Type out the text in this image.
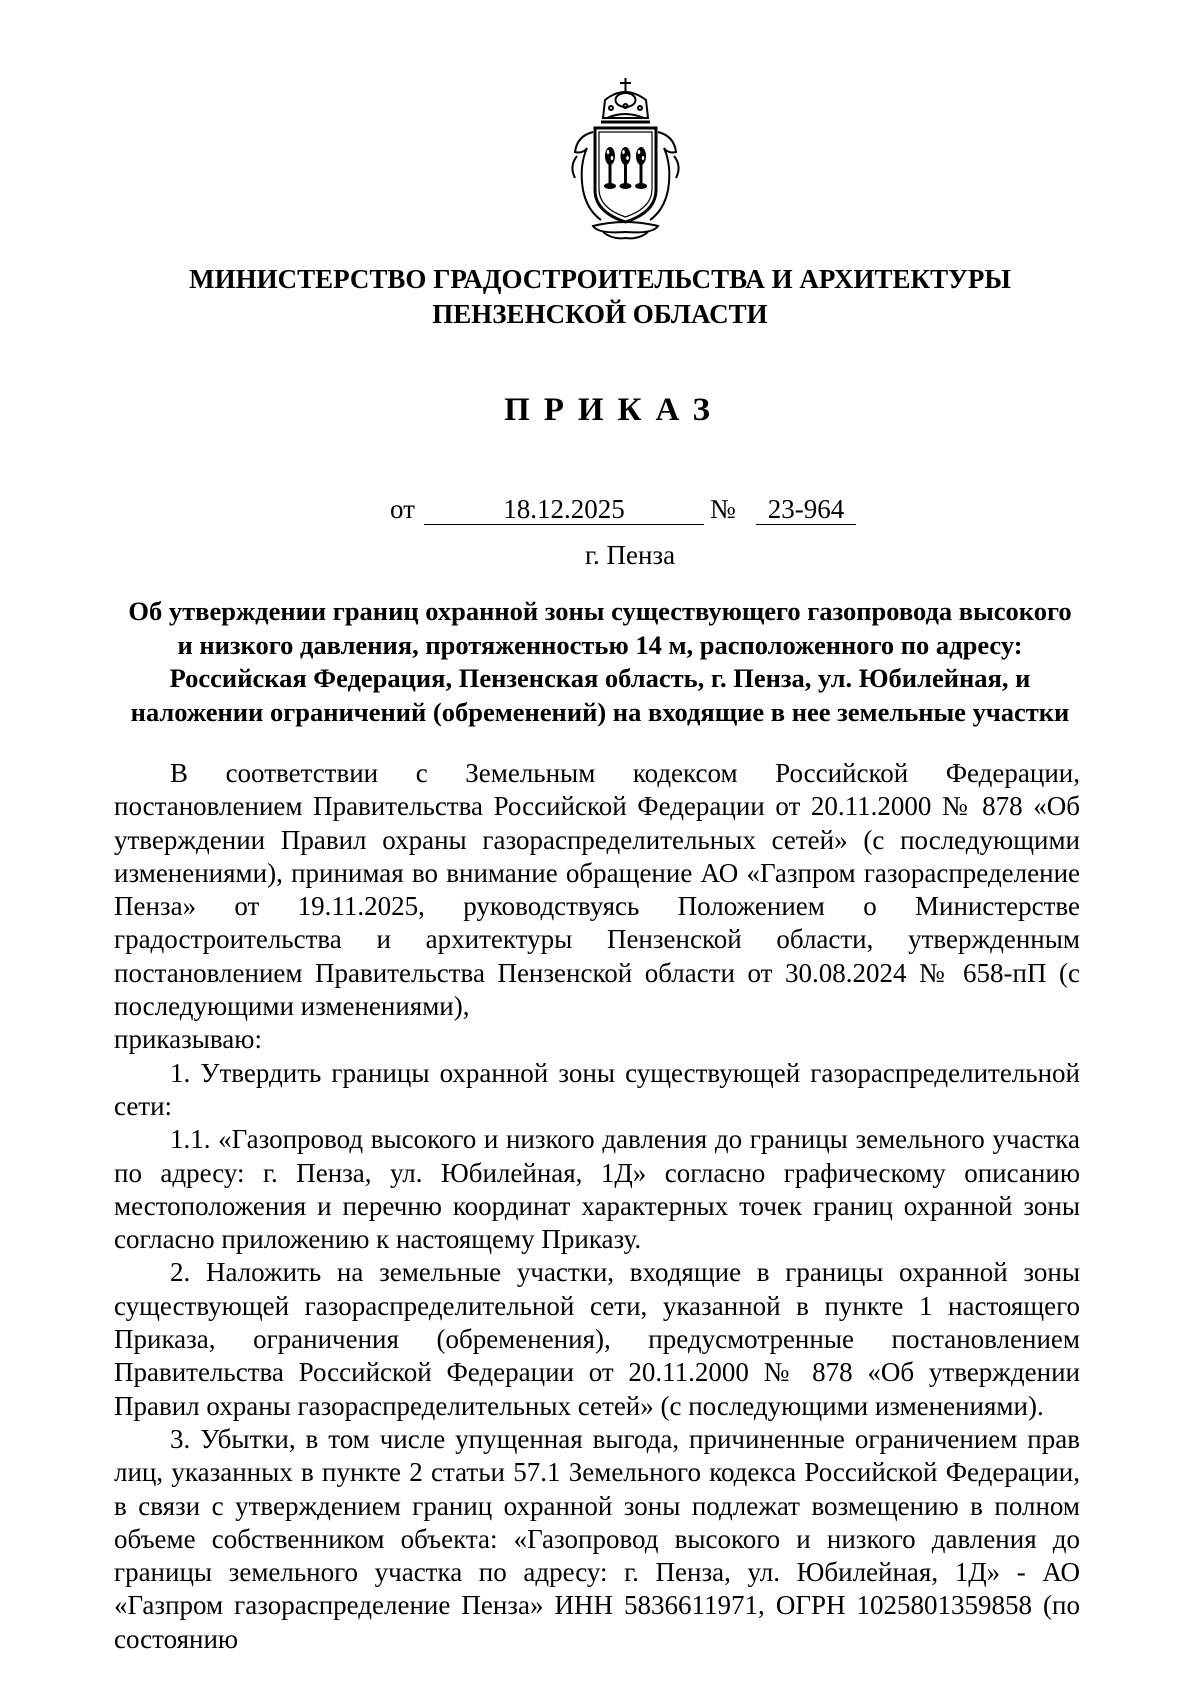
МИНИСТЕРСТВО ГРАДОСТРОИТЕЛЬСТВА И АРХИТЕКТУРЫ
ПЕНЗЕНСКОЙ ОБЛАСТИ
ПРИКАЗ
от	18.12.2025	№	23-964
г. Пенза
Об утверждении границ охранной зоны существующего газопровода высокого
и низкого давления, протяженностью 14 м, расположенного по адресу:
Российская Федерация, Пензенская область, г. Пенза, ул. Юбилейная, и
наложении ограничений (обременений) на входящие в нее земельные участки

В соответствии с Земельным кодексом Российской Федерации, постановлением Правительства Российской Федерации от 20.11.2000 № 878 «Об утверждении Правил охраны газораспределительных сетей» (с последующими изменениями), принимая во внимание обращение АО «Газпром газораспределение Пенза» от 19.11.2025, руководствуясь Положением о Министерстве градостроительства и архитектуры Пензенской области, утвержденным постановлением Правительства Пензенской области от 30.08.2024 № 658-пП (с последующими изменениями),

приказываю:

1. Утвердить границы охранной зоны существующей газораспределительной сети:

1.1. «Газопровод высокого и низкого давления до границы земельного участка по адресу: г. Пенза, ул. Юбилейная, 1Д» согласно графическому описанию местоположения и перечню координат характерных точек границ охранной зоны согласно приложению к настоящему Приказу.

2. Наложить на земельные участки, входящие в границы охранной зоны существующей газораспределительной сети, указанной в пункте 1 настоящего Приказа, ограничения (обременения), предусмотренные постановлением Правительства Российской Федерации от 20.11.2000 № 878 «Об утверждении Правил охраны газораспределительных сетей» (с последующими изменениями).

3. Убытки, в том числе упущенная выгода, причиненные ограничением прав лиц, указанных в пункте 2 статьи 57.1 Земельного кодекса Российской Федерации, в связи с утверждением границ охранной зоны подлежат возмещению в полном объеме собственником объекта: «Газопровод высокого и низкого давления до границы земельного участка по адресу: г. Пенза, ул. Юбилейная, 1Д» - АО «Газпром газораспределение Пенза» ИНН 5836611971, ОГРН 1025801359858 (по состоянию
